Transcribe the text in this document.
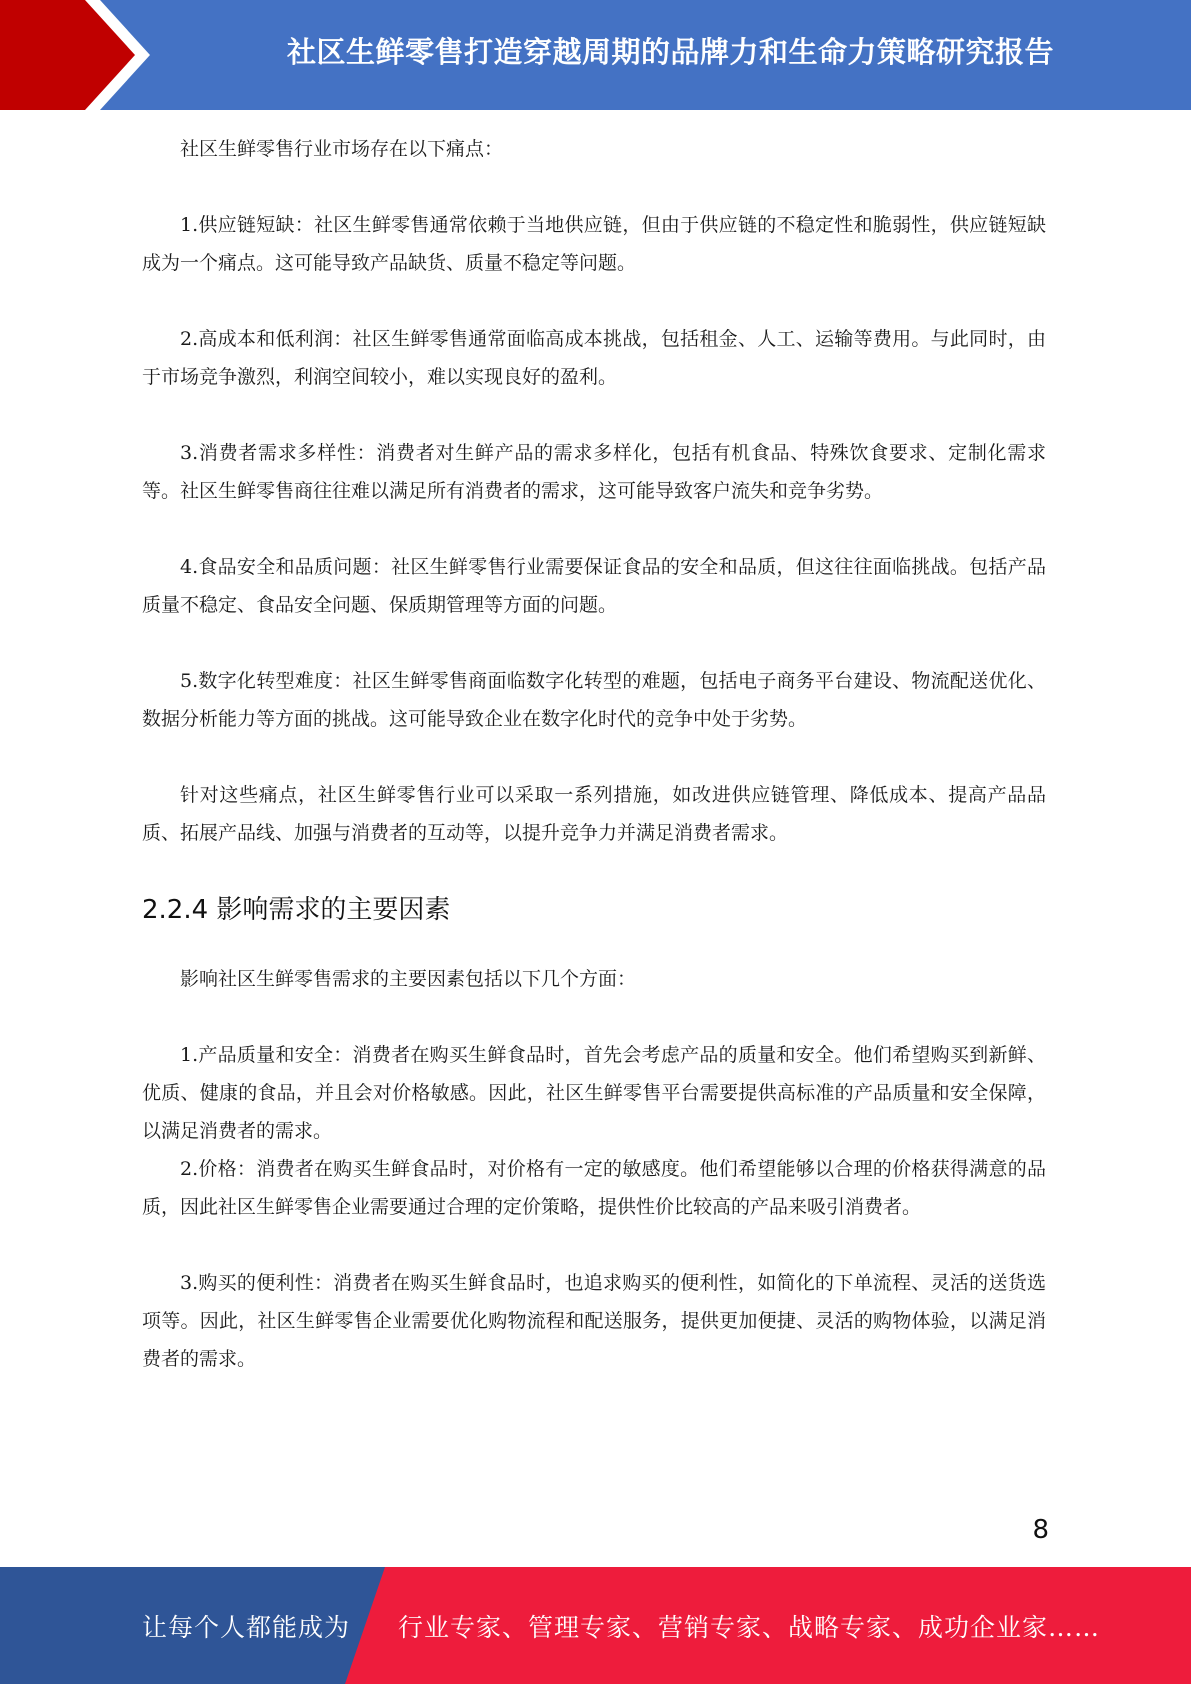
社区生鲜零售打造穿越周期的品牌力和生命力策略研究报告

社区生鲜零售行业市场存在以下痛点：

1.供应链短缺：社区生鲜零售通常依赖于当地供应链，但由于供应链的不稳定性和脆弱性，供应链短缺成为一个痛点。这可能导致产品缺货、质量不稳定等问题。

2.高成本和低利润：社区生鲜零售通常面临高成本挑战，包括租金、人工、运输等费用。与此同时，由于市场竞争激烈，利润空间较小，难以实现良好的盈利。

3.消费者需求多样性：消费者对生鲜产品的需求多样化，包括有机食品、特殊饮食要求、定制化需求等。社区生鲜零售商往往难以满足所有消费者的需求，这可能导致客户流失和竞争劣势。

4.食品安全和品质问题：社区生鲜零售行业需要保证食品的安全和品质，但这往往面临挑战。包括产品质量不稳定、食品安全问题、保质期管理等方面的问题。

5.数字化转型难度：社区生鲜零售商面临数字化转型的难题，包括电子商务平台建设、物流配送优化、数据分析能力等方面的挑战。这可能导致企业在数字化时代的竞争中处于劣势。

针对这些痛点，社区生鲜零售行业可以采取一系列措施，如改进供应链管理、降低成本、提高产品品质、拓展产品线、加强与消费者的互动等，以提升竞争力并满足消费者需求。

2.2.4 影响需求的主要因素

影响社区生鲜零售需求的主要因素包括以下几个方面：

1.产品质量和安全：消费者在购买生鲜食品时，首先会考虑产品的质量和安全。他们希望购买到新鲜、优质、健康的食品，并且会对价格敏感。因此，社区生鲜零售平台需要提供高标准的产品质量和安全保障，以满足消费者的需求。

2.价格：消费者在购买生鲜食品时，对价格有一定的敏感度。他们希望能够以合理的价格获得满意的品质，因此社区生鲜零售企业需要通过合理的定价策略，提供性价比较高的产品来吸引消费者。

3.购买的便利性：消费者在购买生鲜食品时，也追求购买的便利性，如简化的下单流程、灵活的送货选项等。因此，社区生鲜零售企业需要优化购物流程和配送服务，提供更加便捷、灵活的购物体验，以满足消费者的需求。

8
让每个人都能成为 行业专家、管理专家、营销专家、战略专家、成功企业家……
